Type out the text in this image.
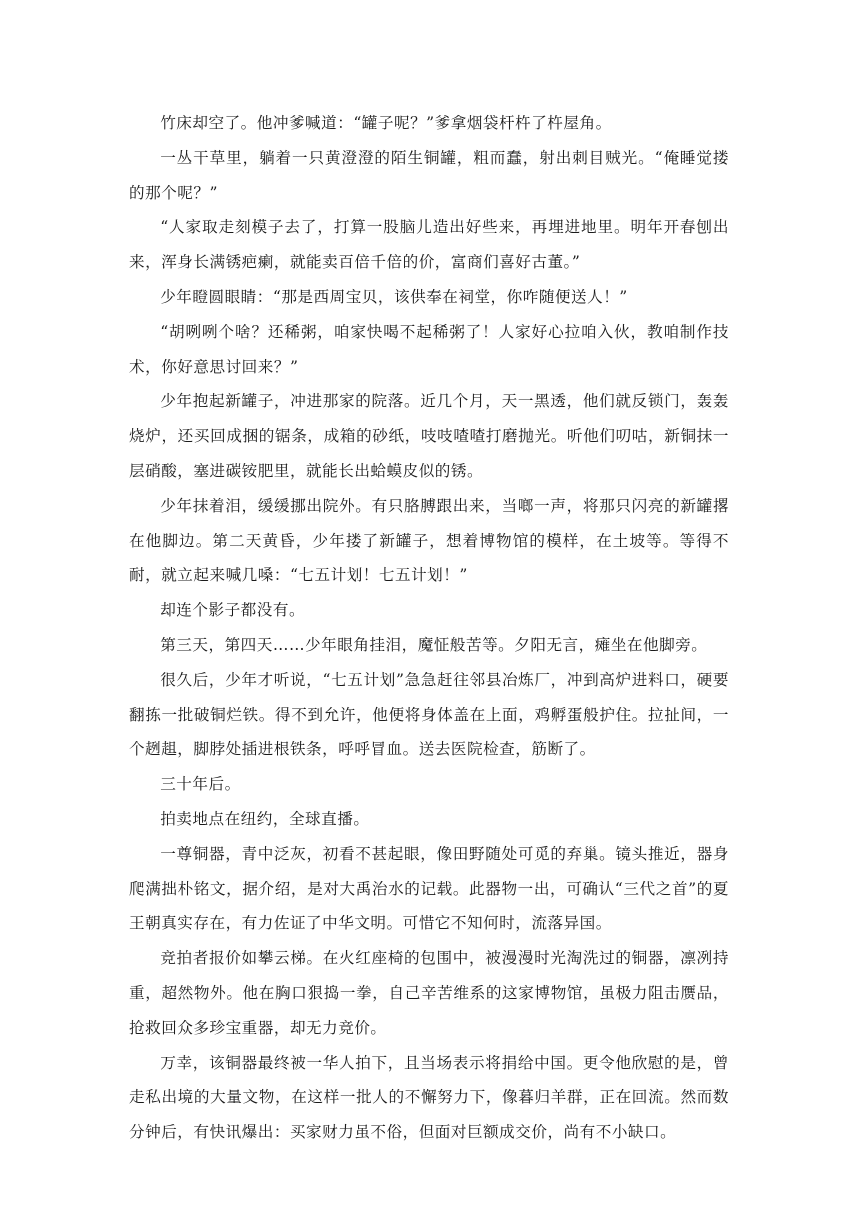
竹床却空了。他冲爹喊道：“罐子呢？”爹拿烟袋杆杵了杵屋角。

一丛干草里，躺着一只黄澄澄的陌生铜罐，粗而蠢，射出刺目贼光。“俺睡觉搂的那个呢？”

“人家取走刻模子去了，打算一股脑儿造出好些来，再埋进地里。明年开春刨出来，浑身长满锈疤瘌，就能卖百倍千倍的价，富商们喜好古董。”

少年瞪圆眼睛：“那是西周宝贝，该供奉在祠堂，你咋随便送人！”

“胡咧咧个啥？还稀粥，咱家快喝不起稀粥了！人家好心拉咱入伙，教咱制作技术，你好意思讨回来？”

少年抱起新罐子，冲进那家的院落。近几个月，天一黑透，他们就反锁门，轰轰烧炉，还买回成捆的锯条，成箱的砂纸，吱吱喳喳打磨抛光。听他们叨咕，新铜抹一层硝酸，塞进碳铵肥里，就能长出蛤蟆皮似的锈。

少年抹着泪，缓缓挪出院外。有只胳膊跟出来，当啷一声，将那只闪亮的新罐撂在他脚边。第二天黄昏，少年搂了新罐子，想着博物馆的模样，在土坡等。等得不耐，就立起来喊几嗓：“七五计划！七五计划！”

却连个影子都没有。

第三天，第四天……少年眼角挂泪，魔怔般苦等。夕阳无言，瘫坐在他脚旁。

很久后，少年才听说，“七五计划”急急赶往邻县冶炼厂，冲到高炉进料口，硬要翻拣一批破铜烂铁。得不到允许，他便将身体盖在上面，鸡孵蛋般护住。拉扯间，一个趔趄，脚脖处插进根铁条，呼呼冒血。送去医院检查，筋断了。

三十年后。

拍卖地点在纽约，全球直播。

一尊铜器，青中泛灰，初看不甚起眼，像田野随处可觅的弃巢。镜头推近，器身爬满拙朴铭文，据介绍，是对大禹治水的记载。此器物一出，可确认“三代之首”的夏王朝真实存在，有力佐证了中华文明。可惜它不知何时，流落异国。

竞拍者报价如攀云梯。在火红座椅的包围中，被漫漫时光淘洗过的铜器，凛冽持重，超然物外。他在胸口狠捣一拳，自己辛苦维系的这家博物馆，虽极力阻击赝品，抢救回众多珍宝重器，却无力竞价。

万幸，该铜器最终被一华人拍下，且当场表示将捐给中国。更令他欣慰的是，曾走私出境的大量文物，在这样一批人的不懈努力下，像暮归羊群，正在回流。然而数分钟后，有快讯爆出：买家财力虽不俗，但面对巨额成交价，尚有不小缺口。
